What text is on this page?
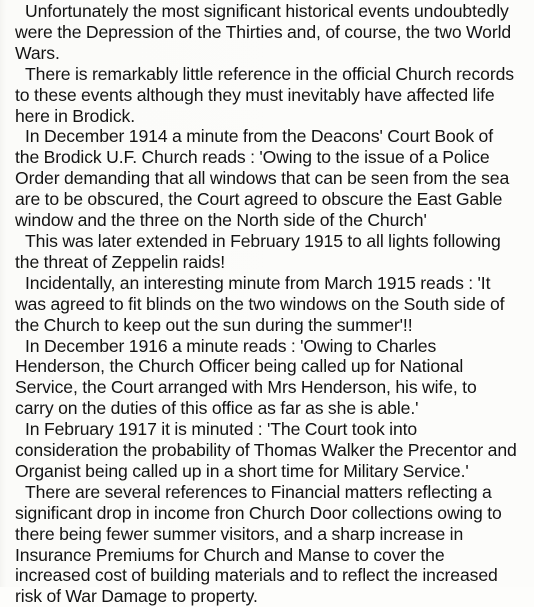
Unfortunately the most significant historical events undoubtedly
were the Depression of the Thirties and, of course, the two World
Wars.

There is remarkably little reference in the official Church records
to these events although they must inevitably have affected life
here in Brodick.

In December 1914 a minute from the Deacons' Court Book of
the Brodick U.F. Church reads : 'Owing to the issue of a Police
Order demanding that all windows that can be seen from the sea
are to be obscured, the Court agreed to obscure the East Gable
window and the three on the North side of the Church'

This was later extended in February 1915 to all lights following
the threat of Zeppelin raids!

Incidentally, an interesting minute from March 1915 reads : 'It
was agreed to fit blinds on the two windows on the South side of
the Church to keep out the sun during the summer'!!

In December 1916 a minute reads : 'Owing to Charles
Henderson, the Church Officer being called up for National
Service, the Court arranged with Mrs Henderson, his wife, to
carry on the duties of this office as far as she is able.'

In February 1917 it is minuted : 'The Court took into
consideration the probability of Thomas Walker the Precentor and
Organist being called up in a short time for Military Service.'

There are several references to Financial matters reflecting a
significant drop in income fron Church Door collections owing to
there being fewer summer visitors, and a sharp increase in
Insurance Premiums for Church and Manse to cover the
increased cost of building materials and to reflect the increased
risk of War Damage to property.
